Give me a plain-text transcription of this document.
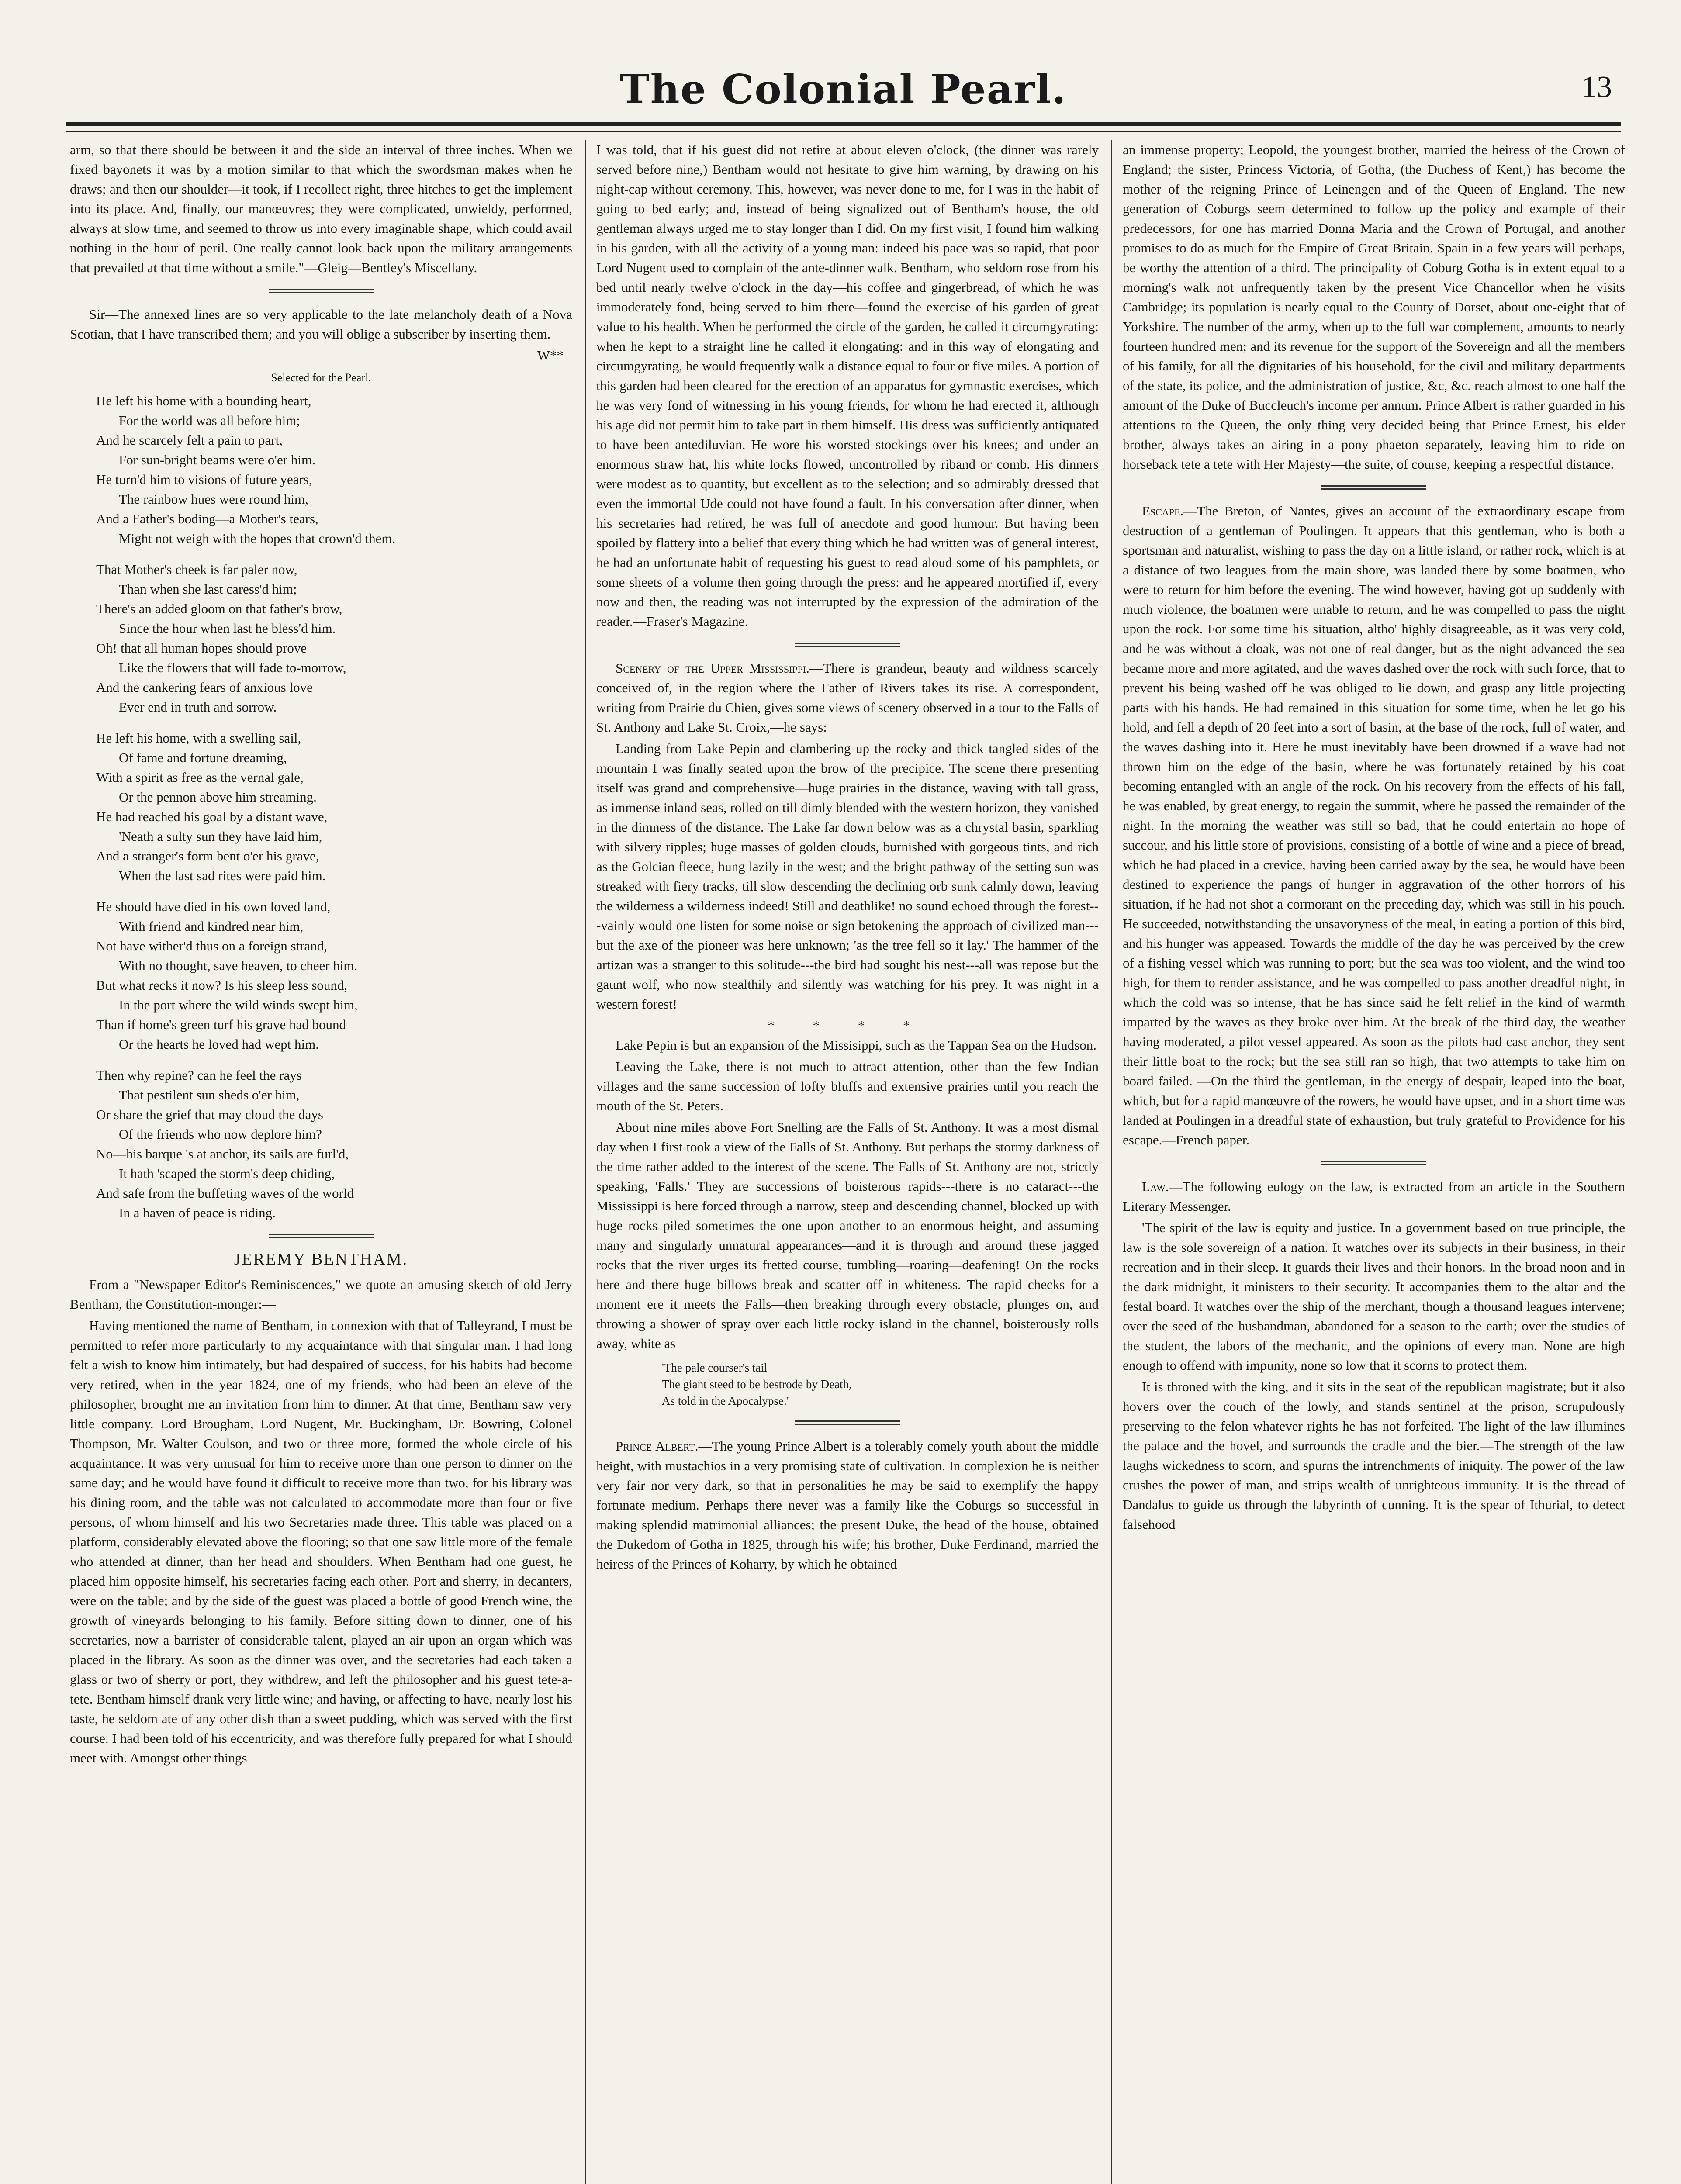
The Colonial Pearl.	13

arm, so that there should be between it and the side an interval of three inches. When we fixed bayonets it was by a motion similar to that which the swordsman makes when he draws; and then our shoulder—it took, if I recollect right, three hitches to get the implement into its place. And, finally, our manœuvres; they were complicated, unwieldy, performed, always at slow time, and seemed to throw us into every imaginable shape, which could avail nothing in the hour of peril. One really cannot look back upon the military arrangements that prevailed at that time without a smile."—Gleig—Bentley's Miscellany.

Sir—The annexed lines are so very applicable to the late melancholy death of a Nova Scotian, that I have transcribed them; and you will oblige a subscriber by inserting them.

W**
Selected for the Pearl.
He left his home with a bounding heart,
For the world was all before him;
And he scarcely felt a pain to part,
For sun-bright beams were o'er him.
He turn'd him to visions of future years,
The rainbow hues were round him,
And a Father's boding—a Mother's tears,
Might not weigh with the hopes that crown'd them.
That Mother's cheek is far paler now,
Than when she last caress'd him;
There's an added gloom on that father's brow,
Since the hour when last he bless'd him.
Oh! that all human hopes should prove
Like the flowers that will fade to-morrow,
And the cankering fears of anxious love
Ever end in truth and sorrow.
He left his home, with a swelling sail,
Of fame and fortune dreaming,
With a spirit as free as the vernal gale,
Or the pennon above him streaming.
He had reached his goal by a distant wave,
'Neath a sulty sun they have laid him,
And a stranger's form bent o'er his grave,
When the last sad rites were paid him.
He should have died in his own loved land,
With friend and kindred near him,
Not have wither'd thus on a foreign strand,
With no thought, save heaven, to cheer him.
But what recks it now? Is his sleep less sound,
In the port where the wild winds swept him,
Than if home's green turf his grave had bound
Or the hearts he loved had wept him.
Then why repine? can he feel the rays
That pestilent sun sheds o'er him,
Or share the grief that may cloud the days
Of the friends who now deplore him?
No—his barque 's at anchor, its sails are furl'd,
It hath 'scaped the storm's deep chiding,
And safe from the buffeting waves of the world
In a haven of peace is riding.
JEREMY BENTHAM.

From a "Newspaper Editor's Reminiscences," we quote an amusing sketch of old Jerry Bentham, the Constitution-monger:—

Having mentioned the name of Bentham, in connexion with that of Talleyrand, I must be permitted to refer more particularly to my acquaintance with that singular man. I had long felt a wish to know him intimately, but had despaired of success, for his habits had become very retired, when in the year 1824, one of my friends, who had been an eleve of the philosopher, brought me an invitation from him to dinner. At that time, Bentham saw very little company. Lord Brougham, Lord Nugent, Mr. Buckingham, Dr. Bowring, Colonel Thompson, Mr. Walter Coulson, and two or three more, formed the whole circle of his acquaintance. It was very unusual for him to receive more than one person to dinner on the same day; and he would have found it difficult to receive more than two, for his library was his dining room, and the table was not calculated to accommodate more than four or five persons, of whom himself and his two Secretaries made three. This table was placed on a platform, considerably elevated above the flooring; so that one saw little more of the female who attended at dinner, than her head and shoulders. When Bentham had one guest, he placed him opposite himself, his secretaries facing each other. Port and sherry, in decanters, were on the table; and by the side of the guest was placed a bottle of good French wine, the growth of vineyards belonging to his family. Before sitting down to dinner, one of his secretaries, now a barrister of considerable talent, played an air upon an organ which was placed in the library. As soon as the dinner was over, and the secretaries had each taken a glass or two of sherry or port, they withdrew, and left the philosopher and his guest tete-a-tete. Bentham himself drank very little wine; and having, or affecting to have, nearly lost his taste, he seldom ate of any other dish than a sweet pudding, which was served with the first course. I had been told of his eccentricity, and was therefore fully prepared for what I should meet with. Amongst other things

I was told, that if his guest did not retire at about eleven o'clock, (the dinner was rarely served before nine,) Bentham would not hesitate to give him warning, by drawing on his night-cap without ceremony. This, however, was never done to me, for I was in the habit of going to bed early; and, instead of being signalized out of Bentham's house, the old gentleman always urged me to stay longer than I did. On my first visit, I found him walking in his garden, with all the activity of a young man: indeed his pace was so rapid, that poor Lord Nugent used to complain of the ante-dinner walk. Bentham, who seldom rose from his bed until nearly twelve o'clock in the day—his coffee and gingerbread, of which he was immoderately fond, being served to him there—found the exercise of his garden of great value to his health. When he performed the circle of the garden, he called it circumgyrating: when he kept to a straight line he called it elongating: and in this way of elongating and circumgyrating, he would frequently walk a distance equal to four or five miles. A portion of this garden had been cleared for the erection of an apparatus for gymnastic exercises, which he was very fond of witnessing in his young friends, for whom he had erected it, although his age did not permit him to take part in them himself. His dress was sufficiently antiquated to have been antediluvian. He wore his worsted stockings over his knees; and under an enormous straw hat, his white locks flowed, uncontrolled by riband or comb. His dinners were modest as to quantity, but excellent as to the selection; and so admirably dressed that even the immortal Ude could not have found a fault. In his conversation after dinner, when his secretaries had retired, he was full of anecdote and good humour. But having been spoiled by flattery into a belief that every thing which he had written was of general interest, he had an unfortunate habit of requesting his guest to read aloud some of his pamphlets, or some sheets of a volume then going through the press: and he appeared mortified if, every now and then, the reading was not interrupted by the expression of the admiration of the reader.—Fraser's Magazine.

Scenery of the Upper Mississippi.—There is grandeur, beauty and wildness scarcely conceived of, in the region where the Father of Rivers takes its rise. A correspondent, writing from Prairie du Chien, gives some views of scenery observed in a tour to the Falls of St. Anthony and Lake St. Croix,—he says:

Landing from Lake Pepin and clambering up the rocky and thick tangled sides of the mountain I was finally seated upon the brow of the precipice. The scene there presenting itself was grand and comprehensive—huge prairies in the distance, waving with tall grass, as immense inland seas, rolled on till dimly blended with the western horizon, they vanished in the dimness of the distance. The Lake far down below was as a chrystal basin, sparkling with silvery ripples; huge masses of golden clouds, burnished with gorgeous tints, and rich as the Golcian fleece, hung lazily in the west; and the bright pathway of the setting sun was streaked with fiery tracks, till slow descending the declining orb sunk calmly down, leaving the wilderness a wilderness indeed! Still and deathlike! no sound echoed through the forest---vainly would one listen for some noise or sign betokening the approach of civilized man---but the axe of the pioneer was here unknown; 'as the tree fell so it lay.' The hammer of the artizan was a stranger to this solitude---the bird had sought his nest---all was repose but the gaunt wolf, who now stealthily and silently was watching for his prey. It was night in a western forest!

* * * *

Lake Pepin is but an expansion of the Missisippi, such as the Tappan Sea on the Hudson.

Leaving the Lake, there is not much to attract attention, other than the few Indian villages and the same succession of lofty bluffs and extensive prairies until you reach the mouth of the St. Peters.

About nine miles above Fort Snelling are the Falls of St. Anthony. It was a most dismal day when I first took a view of the Falls of St. Anthony. But perhaps the stormy darkness of the time rather added to the interest of the scene. The Falls of St. Anthony are not, strictly speaking, 'Falls.' They are successions of boisterous rapids---there is no cataract---the Mississippi is here forced through a narrow, steep and descending channel, blocked up with huge rocks piled sometimes the one upon another to an enormous height, and assuming many and singularly unnatural appearances—and it is through and around these jagged rocks that the river urges its fretted course, tumbling—roaring—deafening! On the rocks here and there huge billows break and scatter off in whiteness. The rapid checks for a moment ere it meets the Falls—then breaking through every obstacle, plunges on, and throwing a shower of spray over each little rocky island in the channel, boisterously rolls away, white as

'The pale courser's tail
The giant steed to be bestrode by Death,
As told in the Apocalypse.'

Prince Albert.—The young Prince Albert is a tolerably comely youth about the middle height, with mustachios in a very promising state of cultivation. In complexion he is neither very fair nor very dark, so that in personalities he may be said to exemplify the happy fortunate medium. Perhaps there never was a family like the Coburgs so successful in making splendid matrimonial alliances; the present Duke, the head of the house, obtained the Dukedom of Gotha in 1825, through his wife; his brother, Duke Ferdinand, married the heiress of the Princes of Koharry, by which he obtained

an immense property; Leopold, the youngest brother, married the heiress of the Crown of England; the sister, Princess Victoria, of Gotha, (the Duchess of Kent,) has become the mother of the reigning Prince of Leinengen and of the Queen of England. The new generation of Coburgs seem determined to follow up the policy and example of their predecessors, for one has married Donna Maria and the Crown of Portugal, and another promises to do as much for the Empire of Great Britain. Spain in a few years will perhaps, be worthy the attention of a third. The principality of Coburg Gotha is in extent equal to a morning's walk not unfrequently taken by the present Vice Chancellor when he visits Cambridge; its population is nearly equal to the County of Dorset, about one-eight that of Yorkshire. The number of the army, when up to the full war complement, amounts to nearly fourteen hundred men; and its revenue for the support of the Sovereign and all the members of his family, for all the dignitaries of his household, for the civil and military departments of the state, its police, and the administration of justice, &c, &c. reach almost to one half the amount of the Duke of Buccleuch's income per annum. Prince Albert is rather guarded in his attentions to the Queen, the only thing very decided being that Prince Ernest, his elder brother, always takes an airing in a pony phaeton separately, leaving him to ride on horseback tete a tete with Her Majesty—the suite, of course, keeping a respectful distance.

Escape.—The Breton, of Nantes, gives an account of the extraordinary escape from destruction of a gentleman of Poulingen. It appears that this gentleman, who is both a sportsman and naturalist, wishing to pass the day on a little island, or rather rock, which is at a distance of two leagues from the main shore, was landed there by some boatmen, who were to return for him before the evening. The wind however, having got up suddenly with much violence, the boatmen were unable to return, and he was compelled to pass the night upon the rock. For some time his situation, altho' highly disagreeable, as it was very cold, and he was without a cloak, was not one of real danger, but as the night advanced the sea became more and more agitated, and the waves dashed over the rock with such force, that to prevent his being washed off he was obliged to lie down, and grasp any little projecting parts with his hands. He had remained in this situation for some time, when he let go his hold, and fell a depth of 20 feet into a sort of basin, at the base of the rock, full of water, and the waves dashing into it. Here he must inevitably have been drowned if a wave had not thrown him on the edge of the basin, where he was fortunately retained by his coat becoming entangled with an angle of the rock. On his recovery from the effects of his fall, he was enabled, by great energy, to regain the summit, where he passed the remainder of the night. In the morning the weather was still so bad, that he could entertain no hope of succour, and his little store of provisions, consisting of a bottle of wine and a piece of bread, which he had placed in a crevice, having been carried away by the sea, he would have been destined to experience the pangs of hunger in aggravation of the other horrors of his situation, if he had not shot a cormorant on the preceding day, which was still in his pouch. He succeeded, notwithstanding the unsavoryness of the meal, in eating a portion of this bird, and his hunger was appeased. Towards the middle of the day he was perceived by the crew of a fishing vessel which was running to port; but the sea was too violent, and the wind too high, for them to render assistance, and he was compelled to pass another dreadful night, in which the cold was so intense, that he has since said he felt relief in the kind of warmth imparted by the waves as they broke over him. At the break of the third day, the weather having moderated, a pilot vessel appeared. As soon as the pilots had cast anchor, they sent their little boat to the rock; but the sea still ran so high, that two attempts to take him on board failed. —On the third the gentleman, in the energy of despair, leaped into the boat, which, but for a rapid manœuvre of the rowers, he would have upset, and in a short time was landed at Poulingen in a dreadful state of exhaustion, but truly grateful to Providence for his escape.—French paper.

Law.—The following eulogy on the law, is extracted from an article in the Southern Literary Messenger.

'The spirit of the law is equity and justice. In a government based on true principle, the law is the sole sovereign of a nation. It watches over its subjects in their business, in their recreation and in their sleep. It guards their lives and their honors. In the broad noon and in the dark midnight, it ministers to their security. It accompanies them to the altar and the festal board. It watches over the ship of the merchant, though a thousand leagues intervene; over the seed of the husbandman, abandoned for a season to the earth; over the studies of the student, the labors of the mechanic, and the opinions of every man. None are high enough to offend with impunity, none so low that it scorns to protect them.

It is throned with the king, and it sits in the seat of the republican magistrate; but it also hovers over the couch of the lowly, and stands sentinel at the prison, scrupulously preserving to the felon whatever rights he has not forfeited. The light of the law illumines the palace and the hovel, and surrounds the cradle and the bier.—The strength of the law laughs wickedness to scorn, and spurns the intrenchments of iniquity. The power of the law crushes the power of man, and strips wealth of unrighteous immunity. It is the thread of Dandalus to guide us through the labyrinth of cunning. It is the spear of Ithurial, to detect falsehood
